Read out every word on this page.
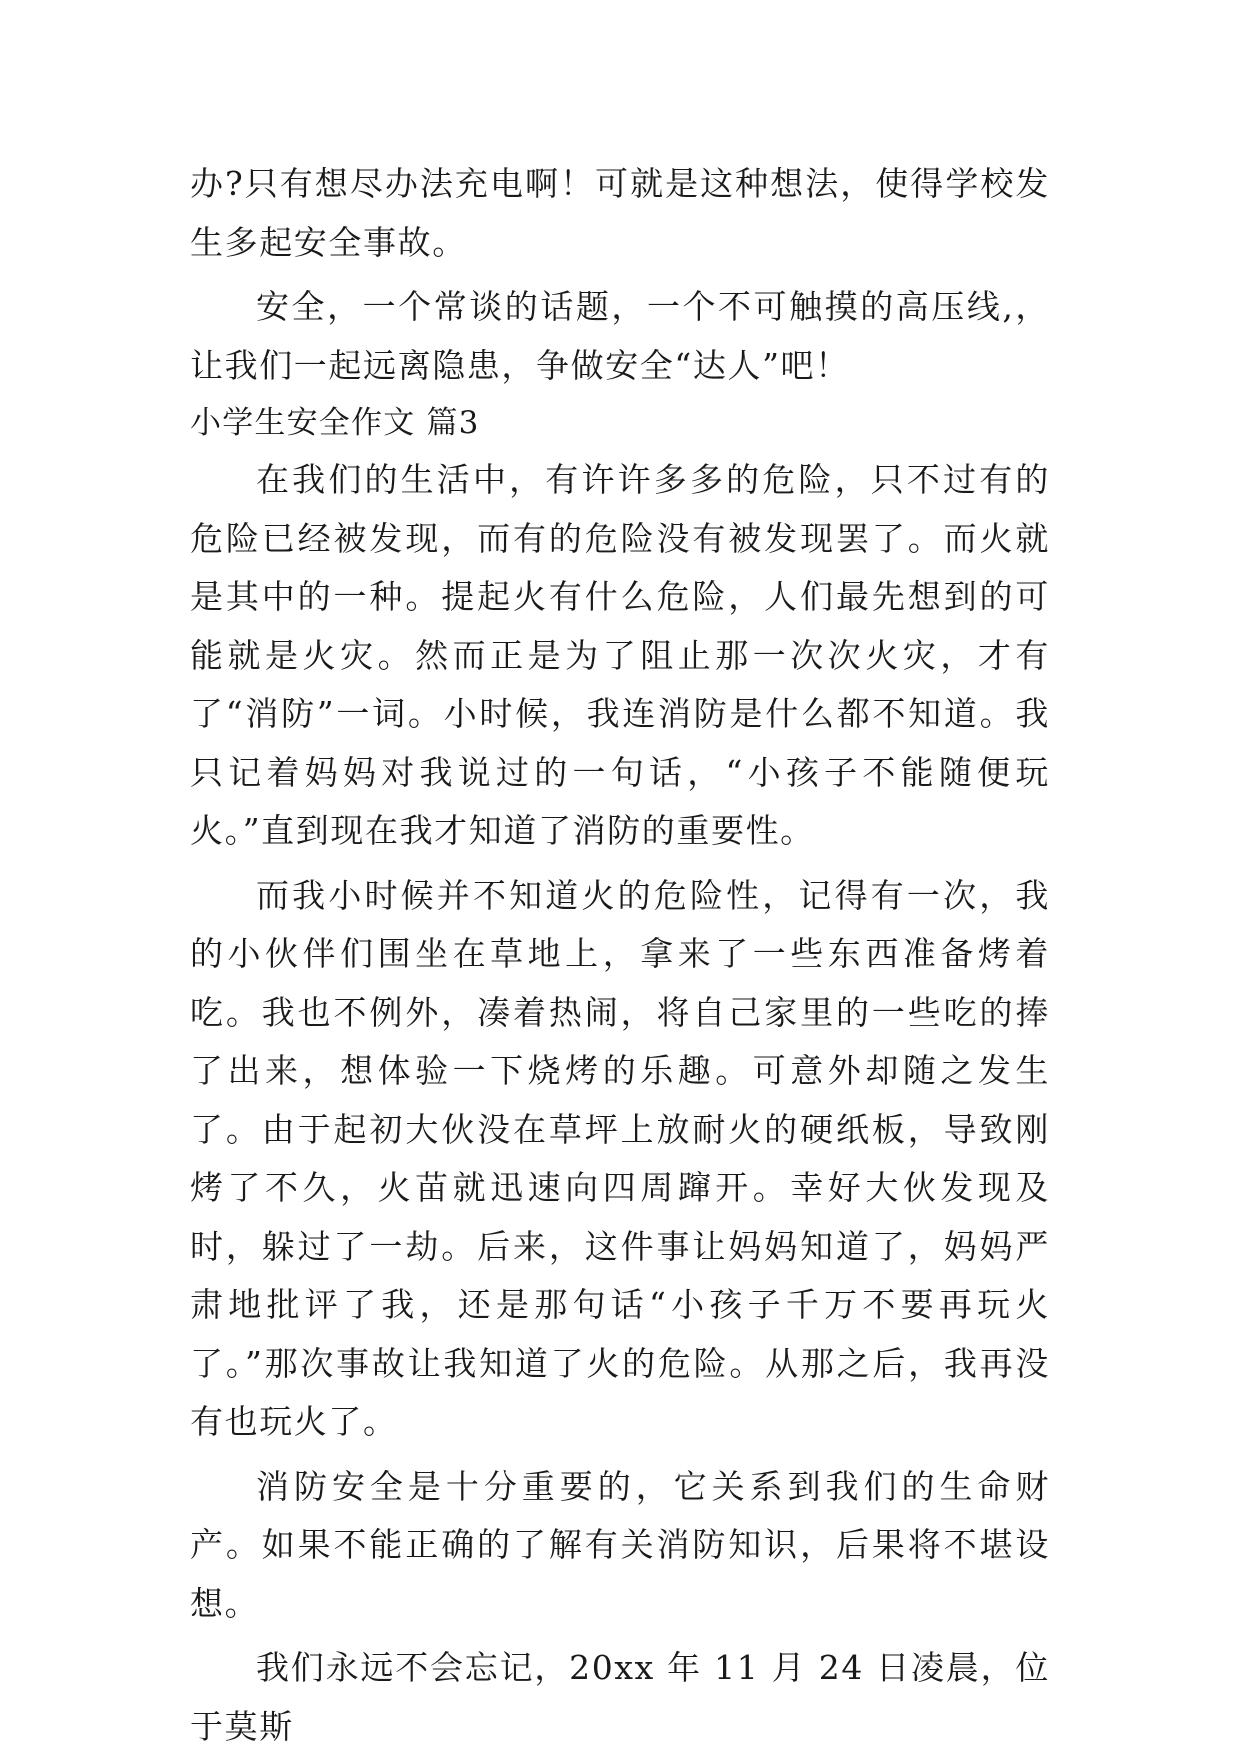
办?只有想尽办法充电啊！可就是这种想法，使得学校发生多起安全事故。

安全，一个常谈的话题，一个不可触摸的高压线,，让我们一起远离隐患，争做安全“达人”吧！

小学生安全作文 篇3

在我们的生活中，有许许多多的危险，只不过有的危险已经被发现，而有的危险没有被发现罢了。而火就是其中的一种。提起火有什么危险，人们最先想到的可能就是火灾。然而正是为了阻止那一次次火灾，才有了“消防”一词。小时候，我连消防是什么都不知道。我只记着妈妈对我说过的一句话，“小孩子不能随便玩火。”直到现在我才知道了消防的重要性。

而我小时候并不知道火的危险性，记得有一次，我的小伙伴们围坐在草地上，拿来了一些东西准备烤着吃。我也不例外，凑着热闹，将自己家里的一些吃的捧了出来，想体验一下烧烤的乐趣。可意外却随之发生了。由于起初大伙没在草坪上放耐火的硬纸板，导致刚烤了不久，火苗就迅速向四周蹿开。幸好大伙发现及时，躲过了一劫。后来，这件事让妈妈知道了，妈妈严肃地批评了我，还是那句话“小孩子千万不要再玩火了。”那次事故让我知道了火的危险。从那之后，我再没有也玩火了。

消防安全是十分重要的，它关系到我们的生命财产。如果不能正确的了解有关消防知识，后果将不堪设想。

我们永远不会忘记，20xx 年 11 月 24 日凌晨，位于莫斯
